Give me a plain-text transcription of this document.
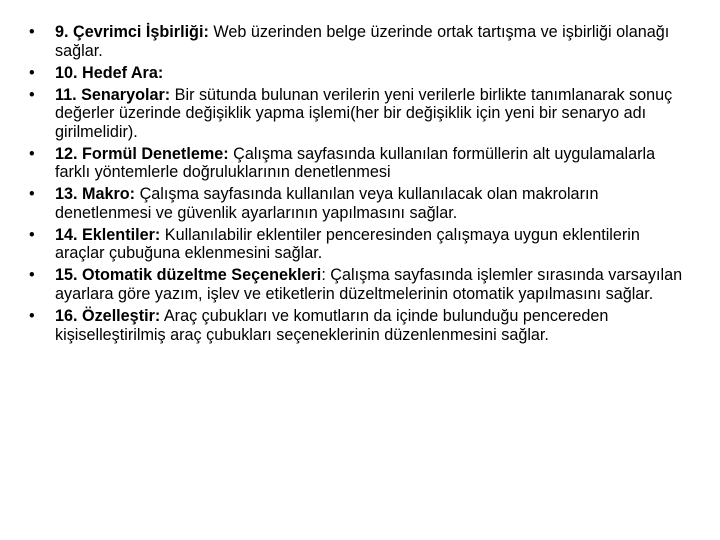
•	9. Çevrimci İşbirliği: Web üzerinden belge üzerinde ortak tartışma ve işbirliği olanağı sağlar.
•	10. Hedef Ara:
•	11. Senaryolar: Bir sütunda bulunan verilerin yeni verilerle birlikte tanımlanarak sonuç değerler üzerinde değişiklik yapma işlemi(her bir değişiklik için yeni bir senaryo adı girilmelidir).
•	12. Formül Denetleme: Çalışma sayfasında kullanılan formüllerin alt uygulamalarla farklı yöntemlerle doğruluklarının denetlenmesi
•	13. Makro: Çalışma sayfasında kullanılan veya kullanılacak olan makroların denetlenmesi ve güvenlik ayarlarının yapılmasını sağlar.
•	14. Eklentiler: Kullanılabilir eklentiler penceresinden çalışmaya uygun eklentilerin araçlar çubuğuna eklenmesini sağlar.
•	15. Otomatik düzeltme Seçenekleri: Çalışma sayfasında işlemler sırasında varsayılan ayarlara göre yazım, işlev ve etiketlerin düzeltmelerinin otomatik yapılmasını sağlar.
•	16. Özelleştir: Araç çubukları ve komutların da içinde bulunduğu pencereden kişiselleştirilmiş araç çubukları seçeneklerinin düzenlenmesini sağlar.
